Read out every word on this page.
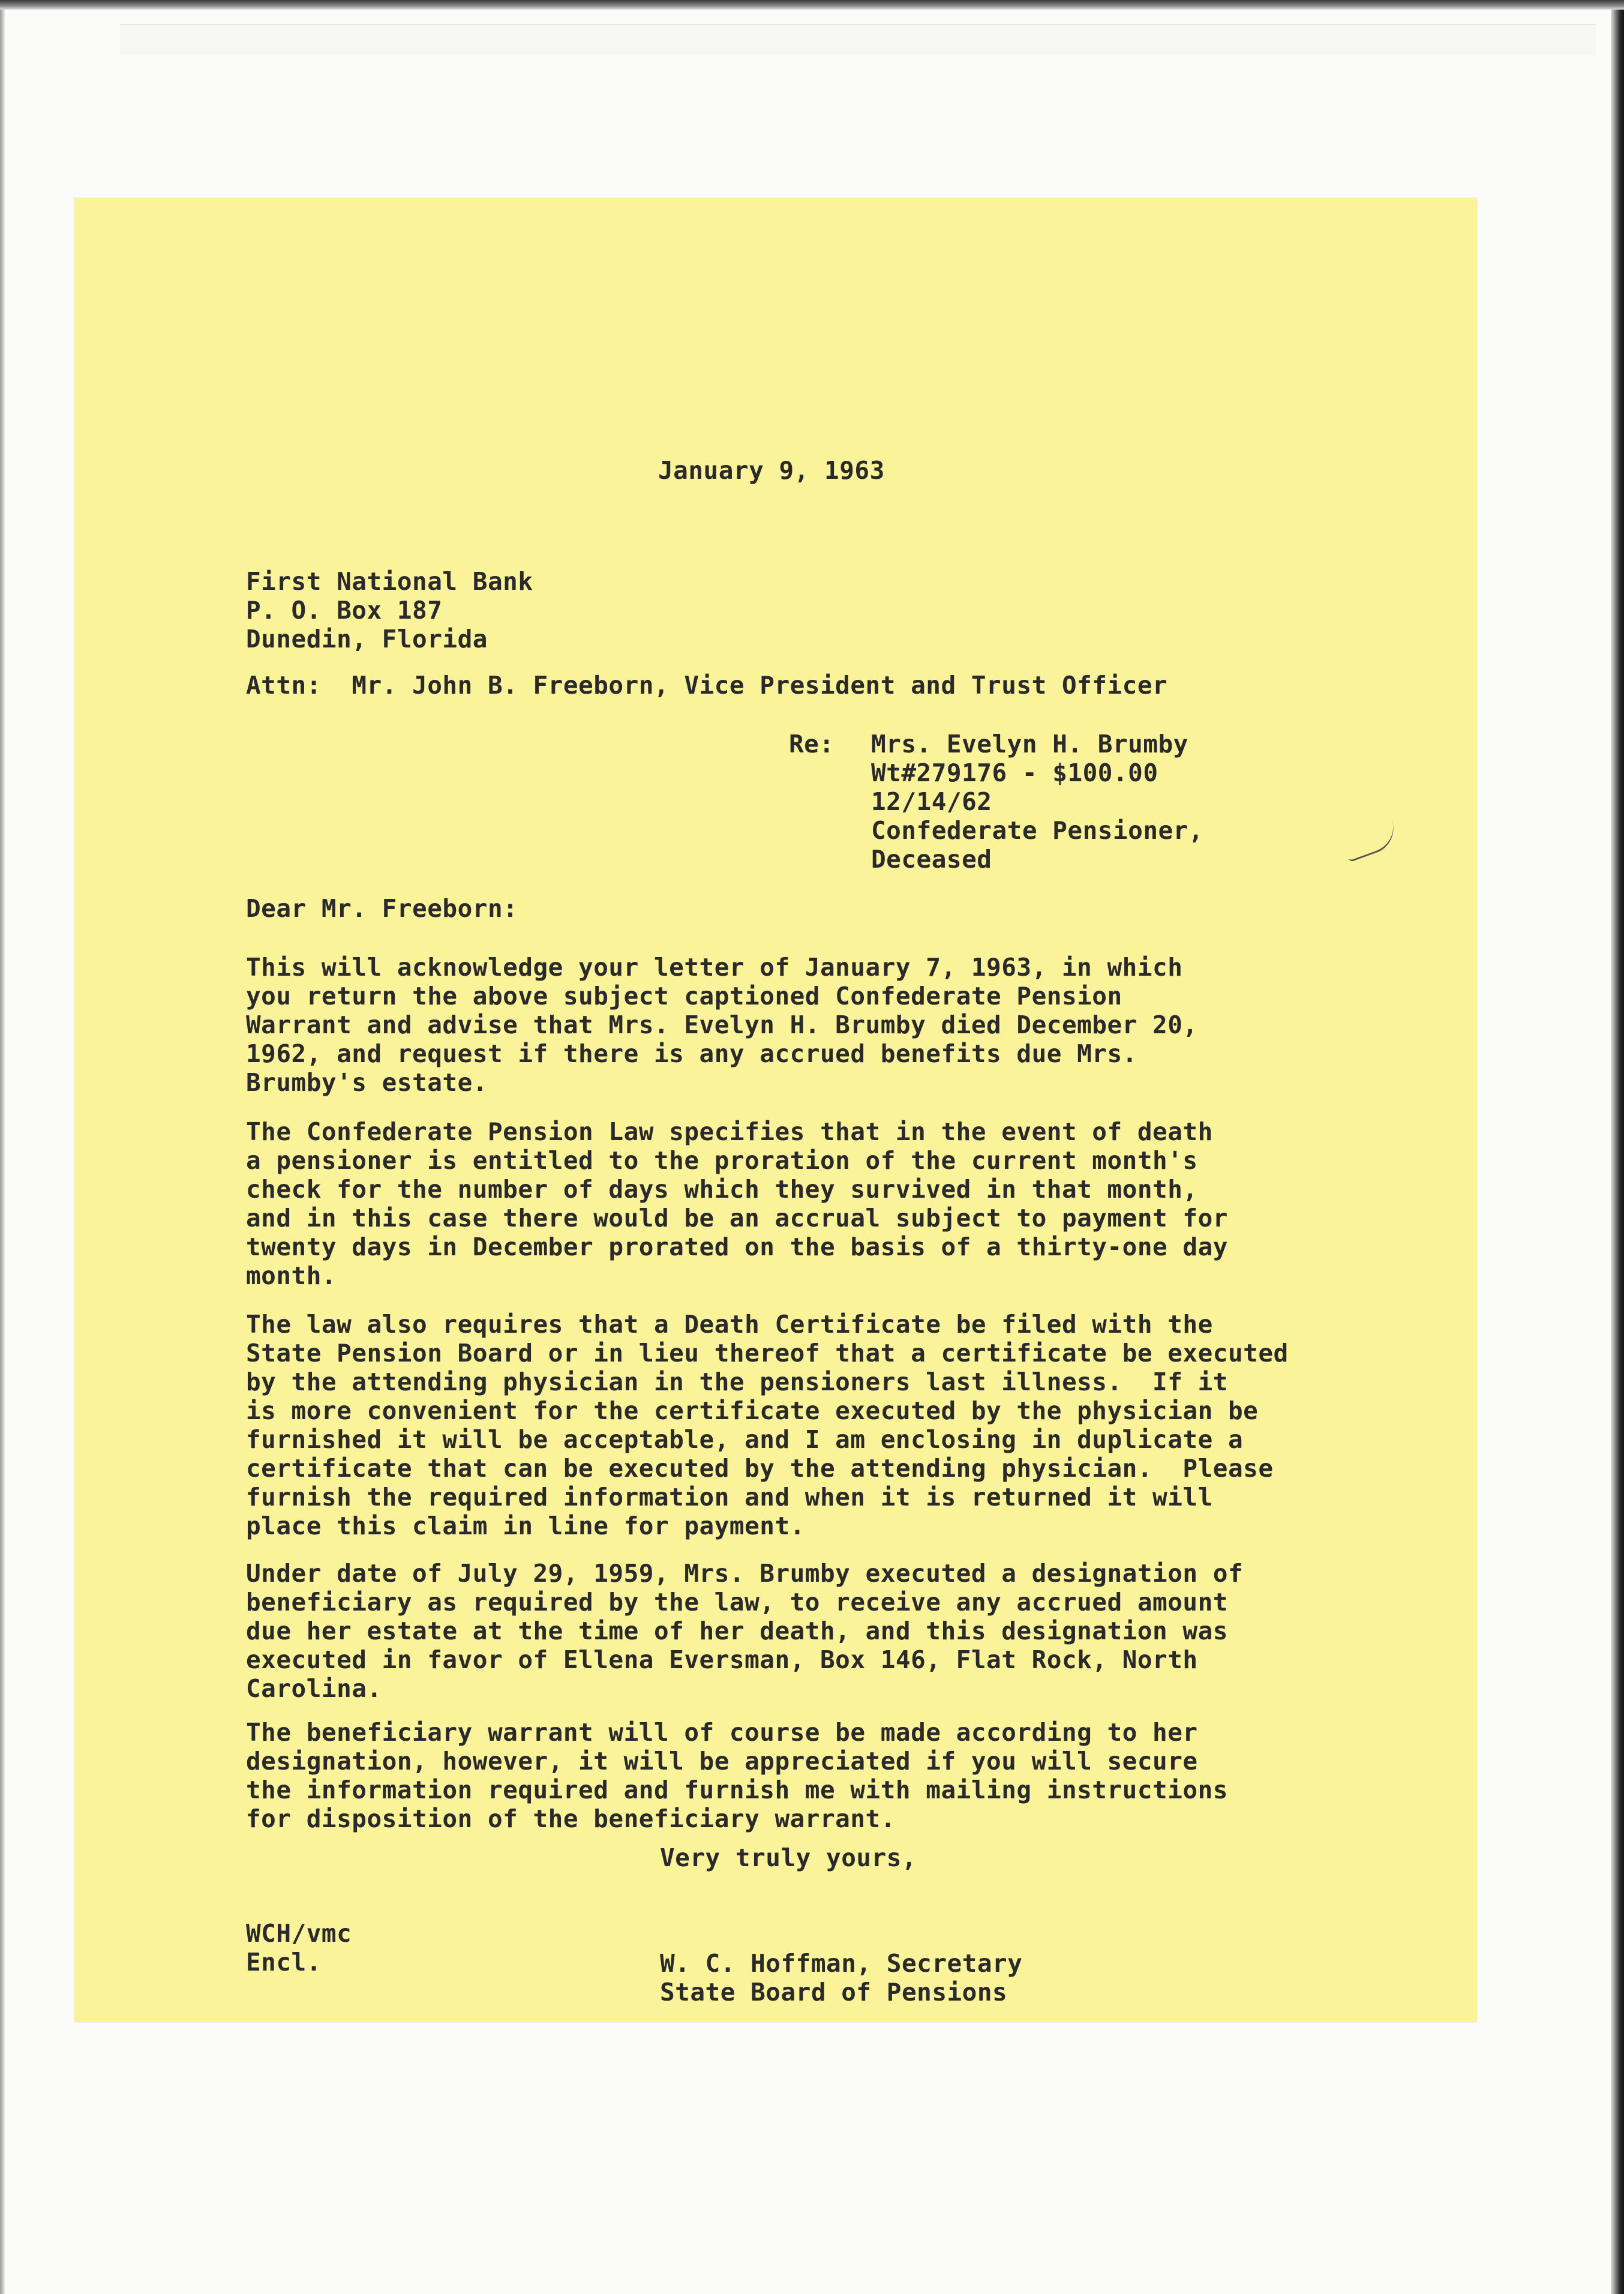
January 9, 1963

First National Bank
P. O. Box 187
Dunedin, Florida

Attn:  Mr. John B. Freeborn, Vice President and Trust Officer

Re: Mrs. Evelyn H. Brumby
Wt#279176 - $100.00
12/14/62
Confederate Pensioner,
Deceased

Dear Mr. Freeborn:

This will acknowledge your letter of January 7, 1963, in which
you return the above subject captioned Confederate Pension
Warrant and advise that Mrs. Evelyn H. Brumby died December 20,
1962, and request if there is any accrued benefits due Mrs.
Brumby's estate.
The Confederate Pension Law specifies that in the event of death
a pensioner is entitled to the proration of the current month's
check for the number of days which they survived in that month,
and in this case there would be an accrual subject to payment for
twenty days in December prorated on the basis of a thirty-one day
month.
The law also requires that a Death Certificate be filed with the
State Pension Board or in lieu thereof that a certificate be executed
by the attending physician in the pensioners last illness.  If it
is more convenient for the certificate executed by the physician be
furnished it will be acceptable, and I am enclosing in duplicate a
certificate that can be executed by the attending physician.  Please
furnish the required information and when it is returned it will
place this claim in line for payment.
Under date of July 29, 1959, Mrs. Brumby executed a designation of
beneficiary as required by the law, to receive any accrued amount
due her estate at the time of her death, and this designation was
executed in favor of Ellena Eversman, Box 146, Flat Rock, North
Carolina.
The beneficiary warrant will of course be made according to her
designation, however, it will be appreciated if you will secure
the information required and furnish me with mailing instructions
for disposition of the beneficiary warrant.

Very truly yours,

WCH/vmc
Encl.	W. C. Hoffman, Secretary
State Board of Pensions
